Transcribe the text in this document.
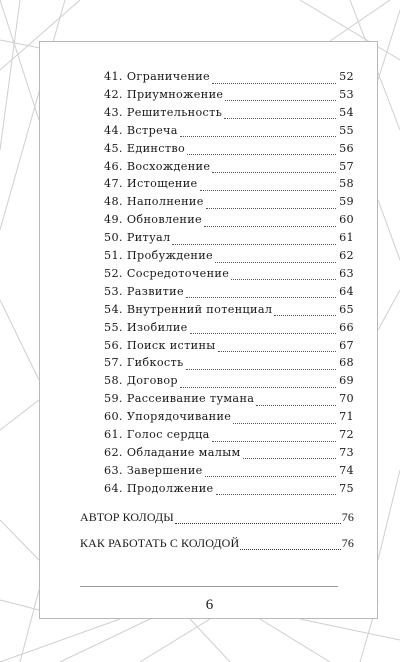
41. Ограничение	52
42. Приумножение	53
43. Решительность	54
44. Встреча	55
45. Единство	56
46. Восхождение	57
47. Истощение	58
48. Наполнение	59
49. Обновление	60
50. Ритуал	61
51. Пробуждение	62
52. Сосредоточение	63
53. Развитие	64
54. Внутренний потенциал	65
55. Изобилие	66
56. Поиск истины	67
57. Гибкость	68
58. Договор	69
59. Рассеивание тумана	70
60. Упорядочивание	71
61. Голос сердца	72
62. Обладание малым	73
63. Завершение	74
64. Продолжение	75
АВТОР КОЛОДЫ	76
КАК РАБОТАТЬ С КОЛОДОЙ	76
6
